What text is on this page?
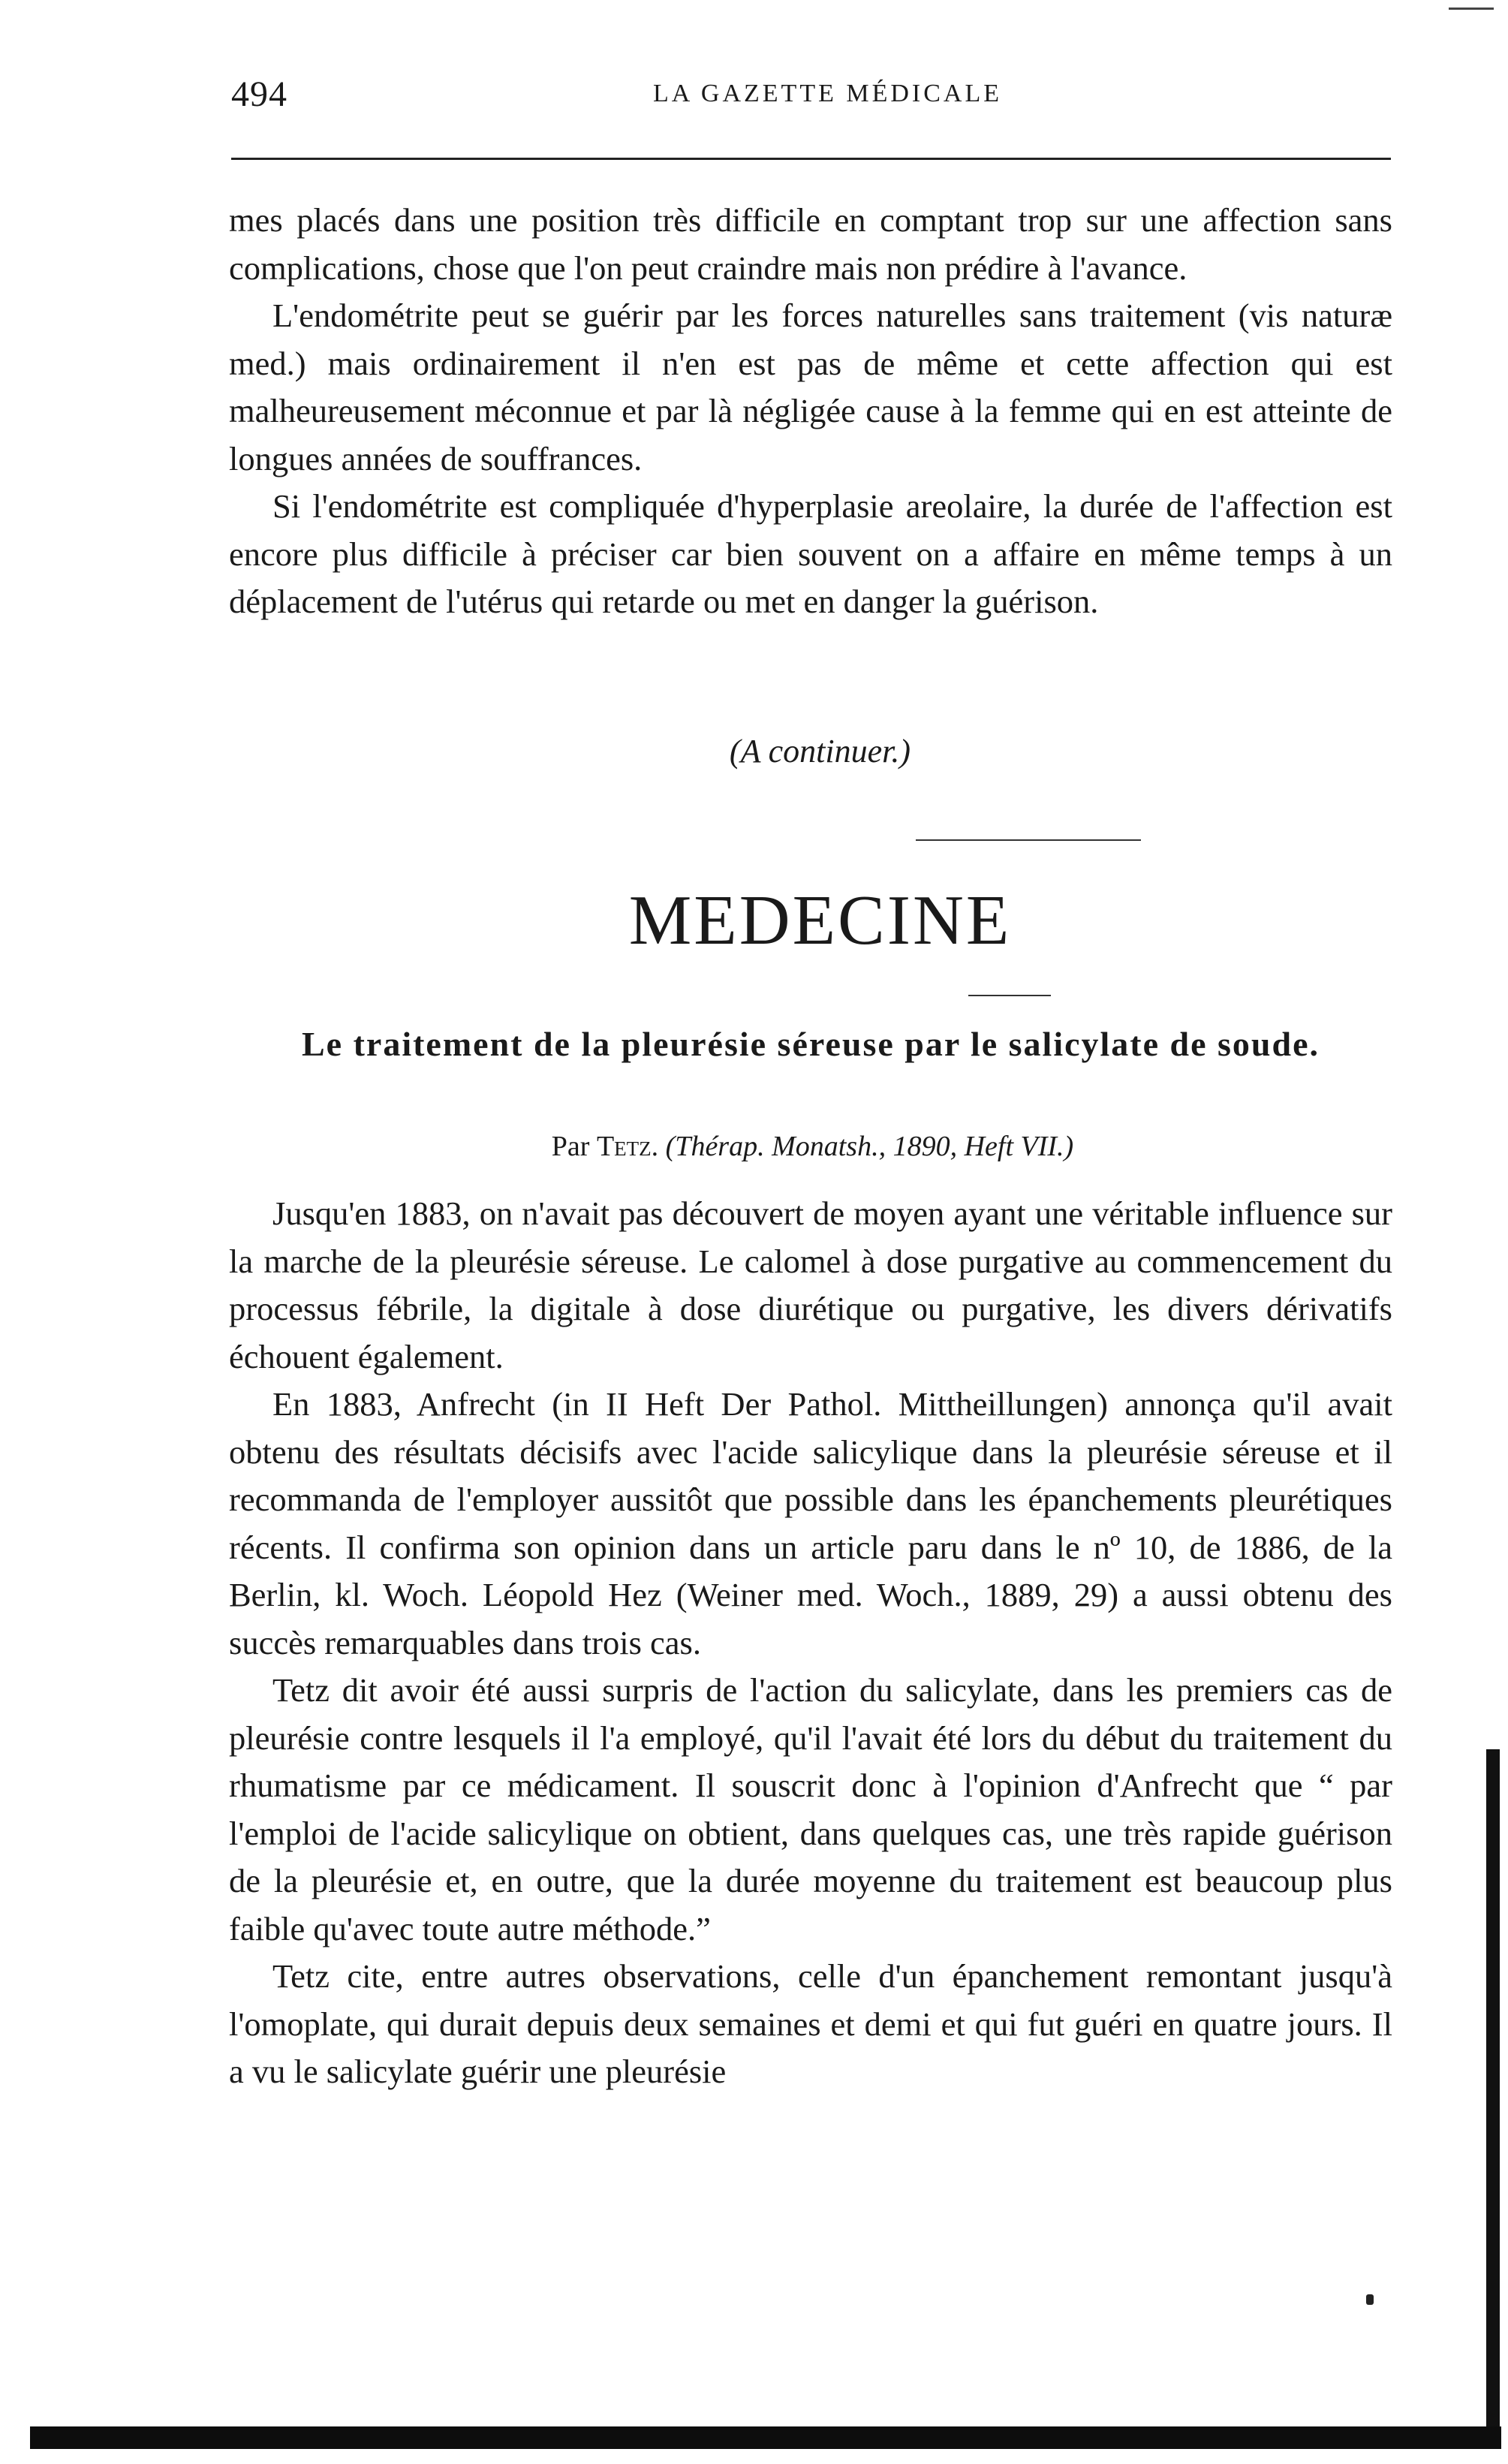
494	LA GAZETTE MÉDICALE

mes placés dans une position très difficile en comptant trop sur une affection sans complications, chose que l'on peut craindre mais non prédire à l'avance.

L'endométrite peut se guérir par les forces naturelles sans traitement (vis naturæ med.) mais ordinairement il n'en est pas de même et cette affection qui est malheureusement méconnue et par là négligée cause à la femme qui en est atteinte de longues années de souffrances.

Si l'endométrite est compliquée d'hyperplasie areolaire, la durée de l'affection est encore plus difficile à préciser car bien souvent on a affaire en même temps à un déplacement de l'utérus qui retarde ou met en danger la guérison.

(A continuer.)
MEDECINE
Le traitement de la pleurésie séreuse par le salicylate de soude.
Par Tetz. (Thérap. Monatsh., 1890, Heft VII.)

Jusqu'en 1883, on n'avait pas découvert de moyen ayant une véritable influence sur la marche de la pleurésie séreuse. Le calomel à dose purgative au commencement du processus fébrile, la digitale à dose diurétique ou purgative, les divers dérivatifs échouent également.

En 1883, Anfrecht (in II Heft Der Pathol. Mittheillungen) annonça qu'il avait obtenu des résultats décisifs avec l'acide salicylique dans la pleurésie séreuse et il recommanda de l'employer aussitôt que possible dans les épanchements pleurétiques récents. Il confirma son opinion dans un article paru dans le nº 10, de 1886, de la Berlin, kl. Woch. Léopold Hez (Weiner med. Woch., 1889, 29) a aussi obtenu des succès remarquables dans trois cas.

Tetz dit avoir été aussi surpris de l'action du salicylate, dans les premiers cas de pleurésie contre lesquels il l'a employé, qu'il l'avait été lors du début du traitement du rhumatisme par ce médicament. Il souscrit donc à l'opinion d'Anfrecht que “ par l'emploi de l'acide salicylique on obtient, dans quelques cas, une très rapide guérison de la pleurésie et, en outre, que la durée moyenne du traitement est beaucoup plus faible qu'avec toute autre méthode.”

Tetz cite, entre autres observations, celle d'un épanchement remontant jusqu'à l'omoplate, qui durait depuis deux semaines et demi et qui fut guéri en quatre jours. Il a vu le salicylate guérir une pleurésie
